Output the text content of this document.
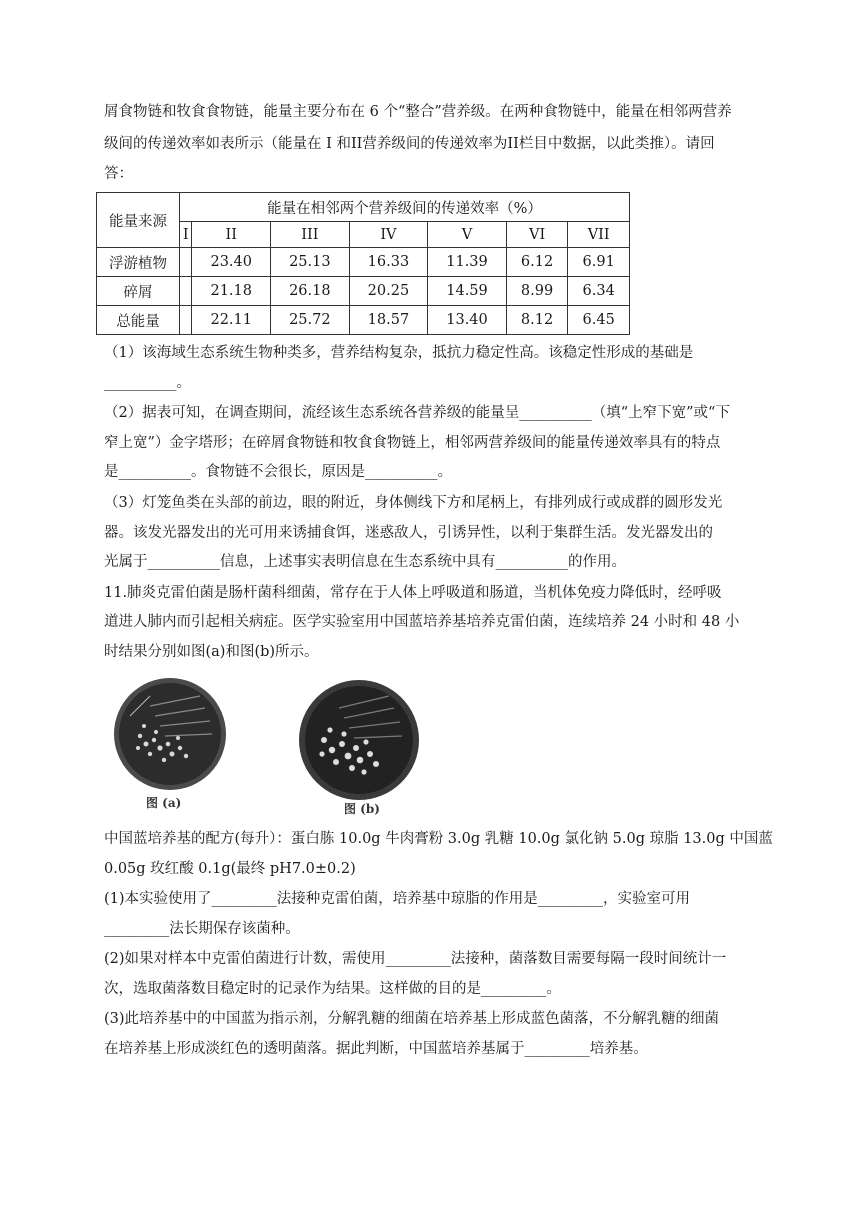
屑食物链和牧食食物链，能量主要分布在 6 个“整合”营养级。在两种食物链中，能量在相邻两营养
级间的传递效率如表所示（能量在 I 和II营养级间的传递效率为II栏目中数据，以此类推）。请回
答：
能量来源	能量在相邻两个营养级间的传递效率（%）						
	I	II	III	IV	V	VI	VII
浮游植物		23.40	25.13	16.33	11.39	6.12	6.91
碎屑		21.18	26.18	20.25	14.59	8.99	6.34
总能量		22.11	25.72	18.57	13.40	8.12	6.45
（1）该海域生态系统生物种类多，营养结构复杂，抵抗力稳定性高。该稳定性形成的基础是
__________。
（2）据表可知，在调查期间，流经该生态系统各营养级的能量呈__________（填“上窄下宽”或“下
窄上宽”）金字塔形；在碎屑食物链和牧食食物链上，相邻两营养级间的能量传递效率具有的特点
是__________。食物链不会很长，原因是__________。
（3）灯笼鱼类在头部的前边，眼的附近，身体侧线下方和尾柄上，有排列成行或成群的圆形发光
器。该发光器发出的光可用来诱捕食饵，迷惑敌人，引诱异性，以利于集群生活。发光器发出的
光属于__________信息，上述事实表明信息在生态系统中具有__________的作用。
11.肺炎克雷伯菌是肠杆菌科细菌，常存在于人体上呼吸道和肠道，当机体免疫力降低时，经呼吸
道进人肺内而引起相关病症。医学实验室用中国蓝培养基培养克雷伯菌，连续培养 24 小时和 48 小
时结果分别如图(a)和图(b)所示。
图 (a)	图 (b)
中国蓝培养基的配方(每升）：蛋白胨 10.0g 牛肉膏粉 3.0g 乳糖 10.0g 氯化钠 5.0g 琼脂 13.0g 中国蓝
0.05g 玫红酸 0.1g(最终 pH7.0±0.2)
(1)本实验使用了_________法接种克雷伯菌，培养基中琼脂的作用是_________，实验室可用
_________法长期保存该菌种。
(2)如果对样本中克雷伯菌进行计数，需使用_________法接种，菌落数目需要每隔一段时间统计一
次，选取菌落数目稳定时的记录作为结果。这样做的目的是_________。
(3)此培养基中的中国蓝为指示剂，分解乳糖的细菌在培养基上形成蓝色菌落，不分解乳糖的细菌
在培养基上形成淡红色的透明菌落。据此判断，中国蓝培养基属于_________培养基。
